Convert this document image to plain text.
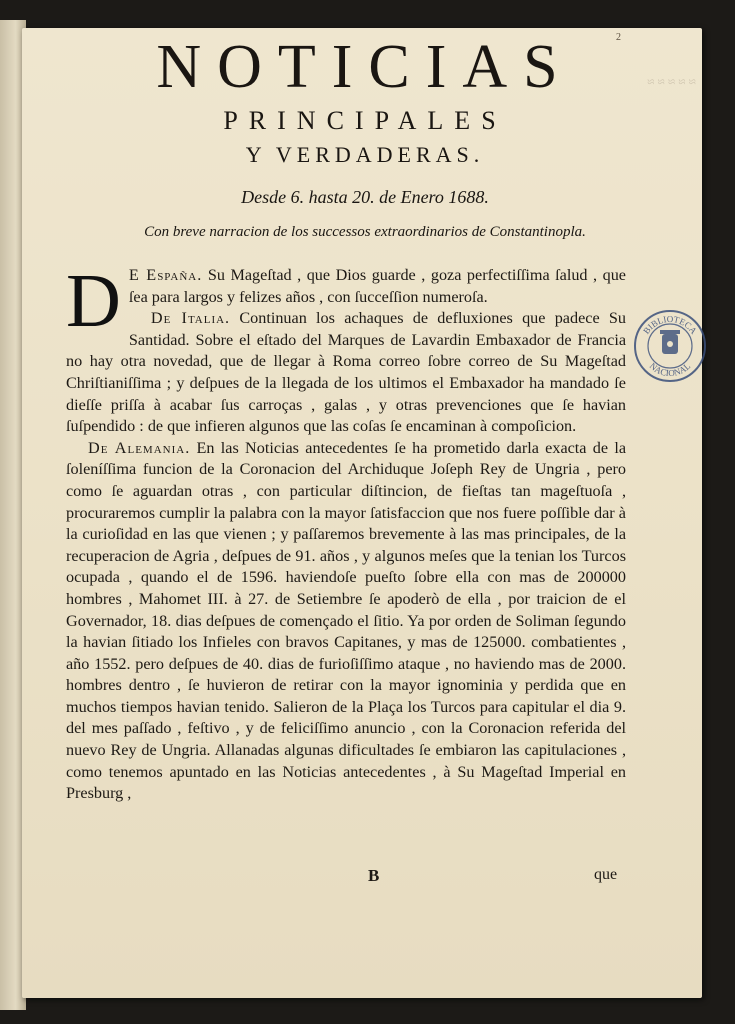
≈ ≈ ≈ ≈ ≈
2
NOTICIAS
PRINCIPALES
Y VERDADERAS.
Desde 6. hasta 20. de Enero 1688.
Con breve narracion de los successos extraordinarios de Constantinopla.

D E España. Su Mageſtad , que Dios guarde , goza perfectiſſima ſalud , que ſea para largos y felizes años , con ſucceſſion numeroſa.

De Italia. Continuan los achaques de defluxiones que padece Su Santidad. Sobre el eſtado del Marques de Lavardin Embaxador de Francia no hay otra novedad, que de llegar à Roma correo ſobre correo de Su Mageſtad Chriſtianiſſima ; y deſpues de la llegada de los ultimos el Embaxador ha mandado ſe dieſſe priſſa à acabar ſus carroças , galas , y otras prevenciones que ſe havian ſuſpendido : de que infieren algunos que las coſas ſe encaminan à compoſicion.

De Alemania. En las Noticias antecedentes ſe ha prometido darla exacta de la ſoleníſſima funcion de la Coronacion del Archiduque Joſeph Rey de Ungria , pero como ſe aguardan otras , con particular diſtincion, de fieſtas tan mageſtuoſa , procuraremos cumplir la palabra con la mayor ſatisfaccion que nos fuere poſſible dar à la curioſidad en las que vienen ; y paſſaremos brevemente à las mas principales, de la recuperacion de Agria , deſpues de 91. años , y algunos meſes que la tenian los Turcos ocupada , quando el de 1596. haviendoſe pueſto ſobre ella con mas de 200000 hombres , Mahomet III. à 27. de Setiembre ſe apoderò de ella , por traicion de el Governador, 18. dias deſpues de començado el ſitio. Ya por orden de Soliman ſegundo la havian ſitiado los Infieles con bravos Capitanes, y mas de 125000. combatientes , año 1552. pero deſpues de 40. dias de furioſiſſimo ataque , no haviendo mas de 2000. hombres dentro , ſe huvieron de retirar con la mayor ignominia y perdida que en muchos tiempos havian tenido. Salieron de la Plaça los Turcos para capitular el dia 9. del mes paſſado , feſtivo , y de feliciſſimo anuncio , con la Coronacion referida del nuevo Rey de Ungria. Allanadas algunas dificultades ſe embiaron las capitulaciones , como tenemos apuntado en las Noticias antecedentes , à Su Mageſtad Imperial en Presburg ,

B	que
BIBLIOTECA
NACIONAL
